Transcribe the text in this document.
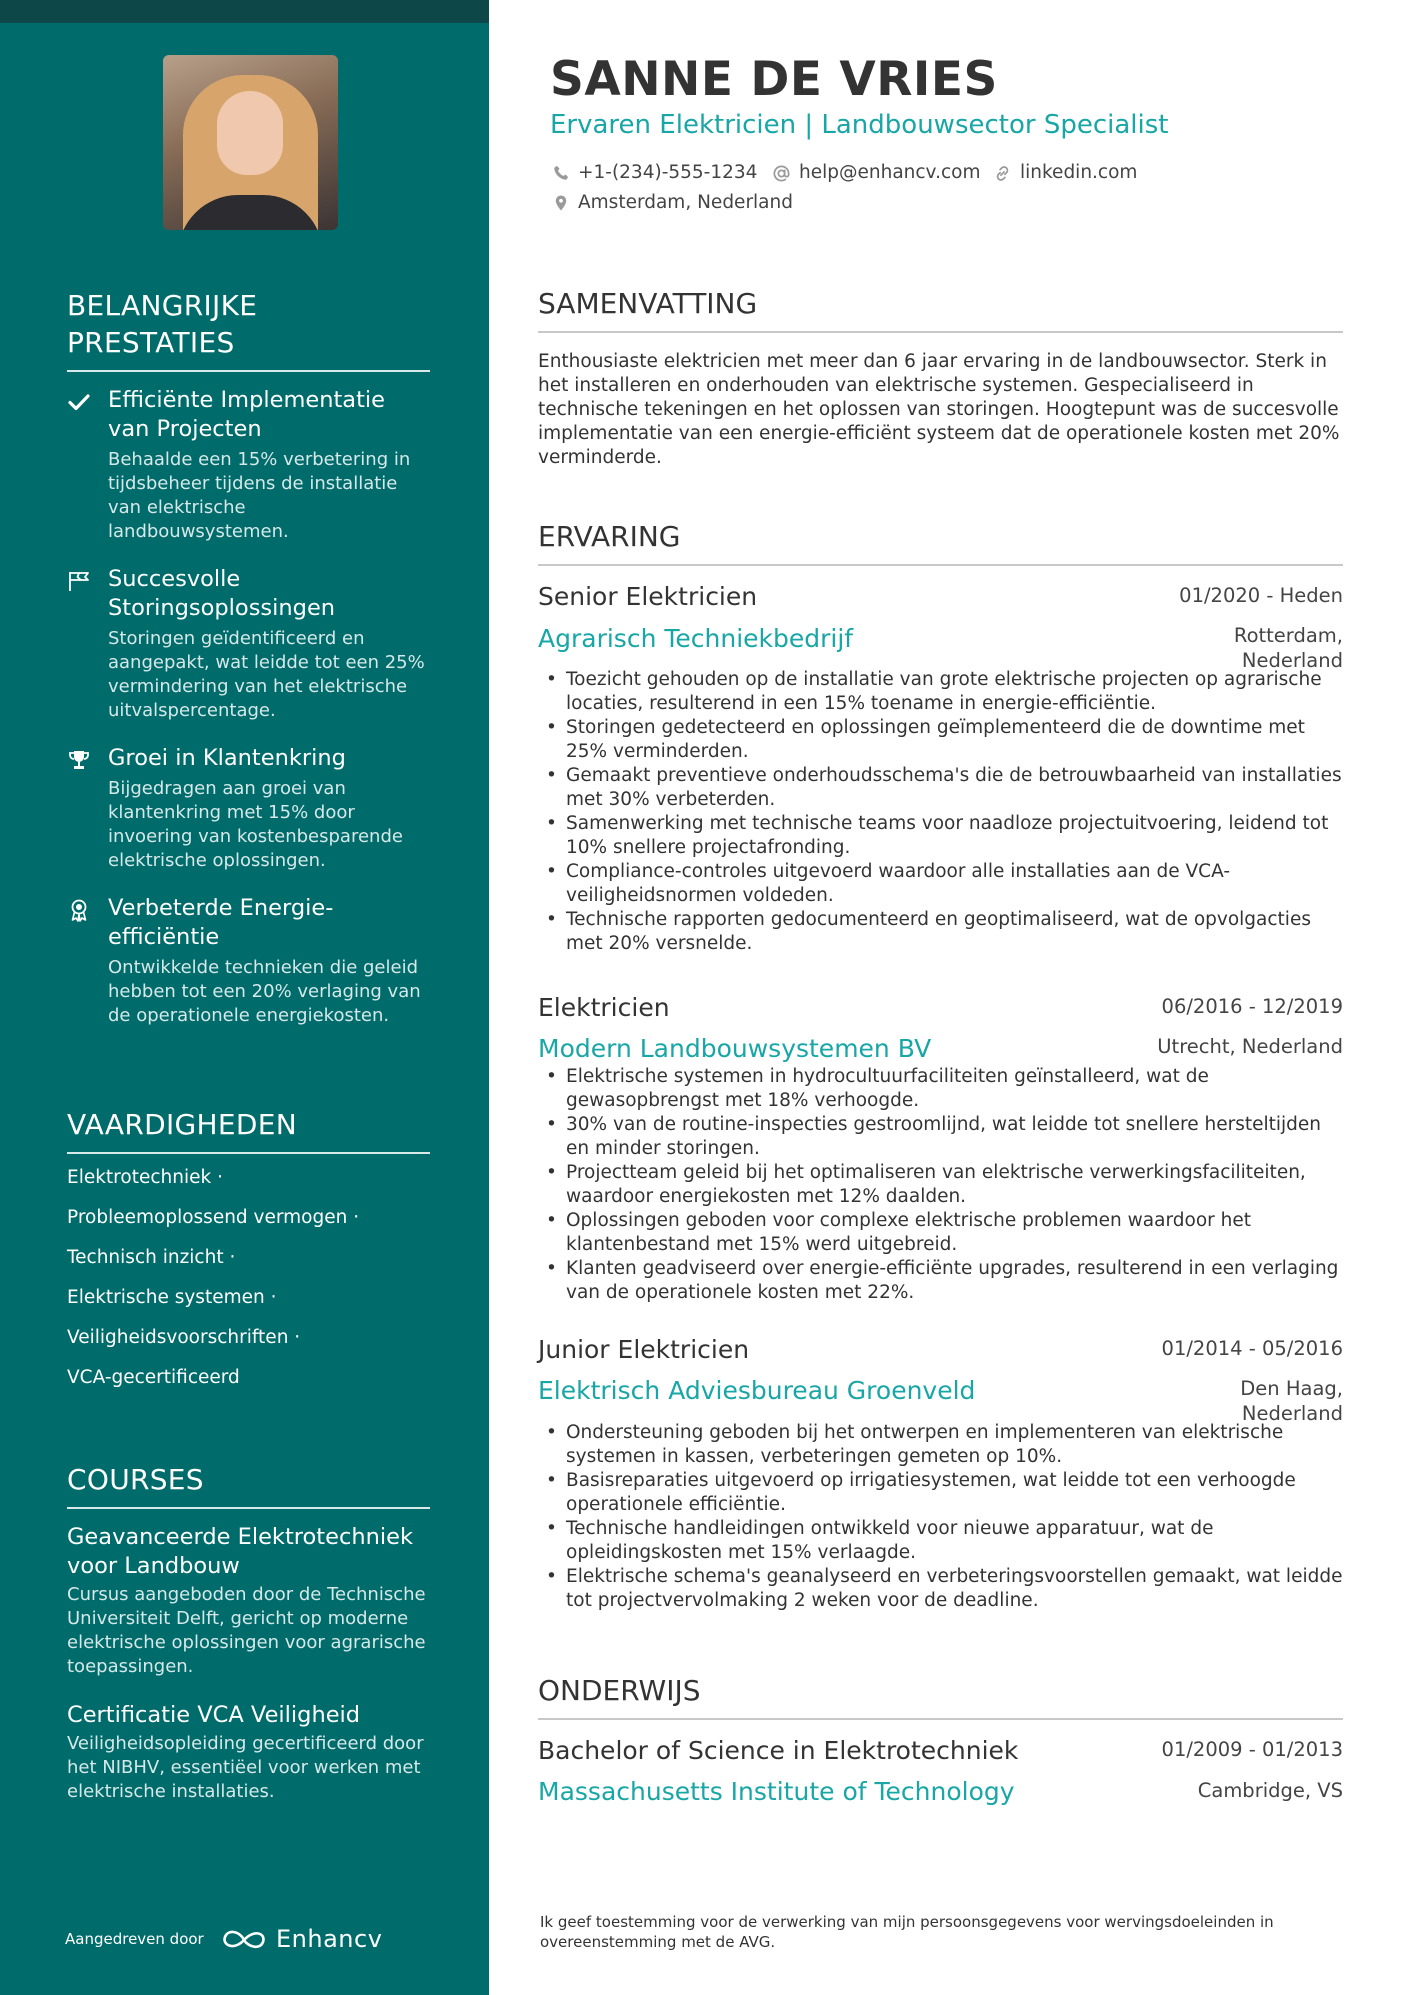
BELANGRIJKE PRESTATIES
Efficiënte Implementatie van Projecten
Behaalde een 15% verbetering in tijdsbeheer tijdens de installatie van elektrische landbouwsystemen.
Succesvolle Storingsoplossingen
Storingen geïdentificeerd en aangepakt, wat leidde tot een 25% vermindering van het elektrische uitvalspercentage.
Groei in Klantenkring
Bijgedragen aan groei van klantenkring met 15% door invoering van kostenbesparende elektrische oplossingen.
Verbeterde Energie-efficiëntie
Ontwikkelde technieken die geleid hebben tot een 20% verlaging van de operationele energiekosten.
VAARDIGHEDEN
Elektrotechniek ·
Probleemoplossend vermogen ·
Technisch inzicht ·
Elektrische systemen ·
Veiligheidsvoorschriften ·
VCA-gecertificeerd
COURSES
Geavanceerde Elektrotechniek voor Landbouw
Cursus aangeboden door de Technische Universiteit Delft, gericht op moderne elektrische oplossingen voor agrarische toepassingen.
Certificatie VCA Veiligheid
Veiligheidsopleiding gecertificeerd door het NIBHV, essentiëel voor werken met elektrische installaties.
Aangedreven door	Enhancv
SANNE DE VRIES
Ervaren Elektricien | Landbouwsector Specialist
+1-(234)-555-1234 help@enhancv.com linkedin.com
Amsterdam, Nederland
SAMENVATTING
Enthousiaste elektricien met meer dan 6 jaar ervaring in de landbouwsector. Sterk in het installeren en onderhouden van elektrische systemen. Gespecialiseerd in technische tekeningen en het oplossen van storingen. Hoogtepunt was de succesvolle implementatie van een energie-efficiënt systeem dat de operationele kosten met 20% verminderde.
ERVARING
Senior Elektricien	01/2020 - Heden
Agrarisch Techniekbedrijf	Rotterdam, Nederland
• Toezicht gehouden op de installatie van grote elektrische projecten op agrarische locaties, resulterend in een 15% toename in energie-efficiëntie.
• Storingen gedetecteerd en oplossingen geïmplementeerd die de downtime met 25% verminderden.
• Gemaakt preventieve onderhoudsschema's die de betrouwbaarheid van installaties met 30% verbeterden.
• Samenwerking met technische teams voor naadloze projectuitvoering, leidend tot 10% snellere projectafronding.
• Compliance-controles uitgevoerd waardoor alle installaties aan de VCA-veiligheidsnormen voldeden.
• Technische rapporten gedocumenteerd en geoptimaliseerd, wat de opvolgacties met 20% versnelde.
Elektricien	06/2016 - 12/2019
Modern Landbouwsystemen BV	Utrecht, Nederland
• Elektrische systemen in hydrocultuurfaciliteiten geïnstalleerd, wat de gewasopbrengst met 18% verhoogde.
• 30% van de routine-inspecties gestroomlijnd, wat leidde tot snellere hersteltijden en minder storingen.
• Projectteam geleid bij het optimaliseren van elektrische verwerkingsfaciliteiten, waardoor energiekosten met 12% daalden.
• Oplossingen geboden voor complexe elektrische problemen waardoor het klantenbestand met 15% werd uitgebreid.
• Klanten geadviseerd over energie-efficiënte upgrades, resulterend in een verlaging van de operationele kosten met 22%.
Junior Elektricien	01/2014 - 05/2016
Elektrisch Adviesbureau Groenveld	Den Haag, Nederland
• Ondersteuning geboden bij het ontwerpen en implementeren van elektrische systemen in kassen, verbeteringen gemeten op 10%.
• Basisreparaties uitgevoerd op irrigatiesystemen, wat leidde tot een verhoogde operationele efficiëntie.
• Technische handleidingen ontwikkeld voor nieuwe apparatuur, wat de opleidingskosten met 15% verlaagde.
• Elektrische schema's geanalyseerd en verbeteringsvoorstellen gemaakt, wat leidde tot projectvervolmaking 2 weken voor de deadline.
ONDERWIJS
Bachelor of Science in Elektrotechniek	01/2009 - 01/2013
Massachusetts Institute of Technology	Cambridge, VS
Ik geef toestemming voor de verwerking van mijn persoonsgegevens voor wervingsdoeleinden in overeenstemming met de AVG.
